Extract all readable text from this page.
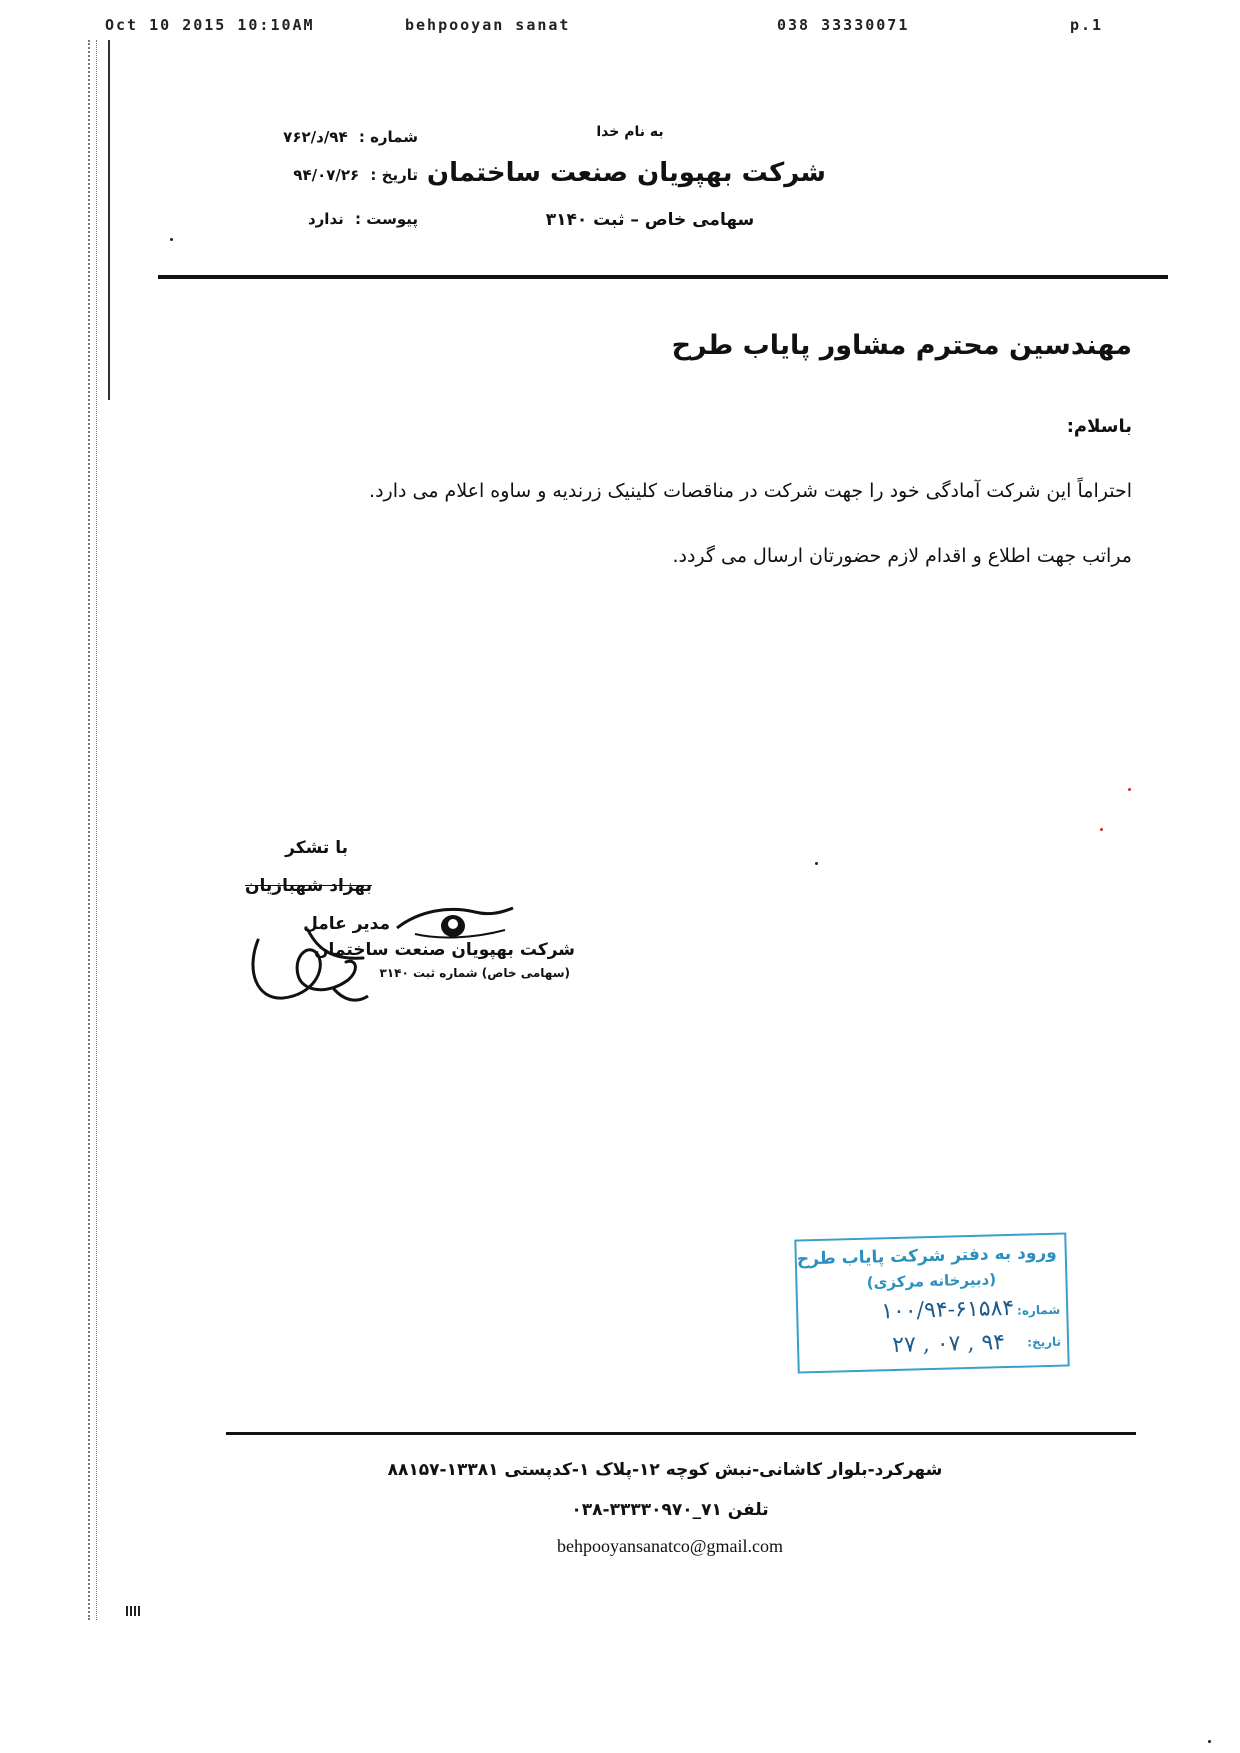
Oct 10 2015 10:10AM	behpooyan sanat	038 33330071	p.1
به نام خدا
شرکت بهپویان صنعت ساختمان
سهامی خاص – ثبت ۳۱۴۰
شماره : ۹۴/د/۷۶۲
تاریخ : ۹۴/۰۷/۲۶
پیوست : ندارد
مهندسین محترم مشاور پایاب طرح
باسلام:
احتراماً این شرکت آمادگی خود را جهت شرکت در مناقصات کلینیک زرندیه و ساوه اعلام می دارد.
مراتب جهت اطلاع و اقدام لازم حضورتان ارسال می گردد.
با تشکر
بهزاد شهبازیان
مدیر عامل
شرکت بهپویان صنعت ساختمان
(سهامی خاص) شماره ثبت ۳۱۴۰
ورود به دفتر شرکت پایاب طرح
(دبیرخانه مرکزی)
شماره:
۱۰۰/۹۴-۶۱۵۸۴
تاریخ:
۹۴ , ۰۷ , ۲۷
شهرکرد-بلوار کاشانی-نبش کوچه ۱۲-پلاک ۱-کدپستی ۱۳۳۸۱-۸۸۱۵۷
تلفن ۷۱_۳۳۳۳۰۹۷۰-۰۳۸
behpooyansanatco@gmail.com
